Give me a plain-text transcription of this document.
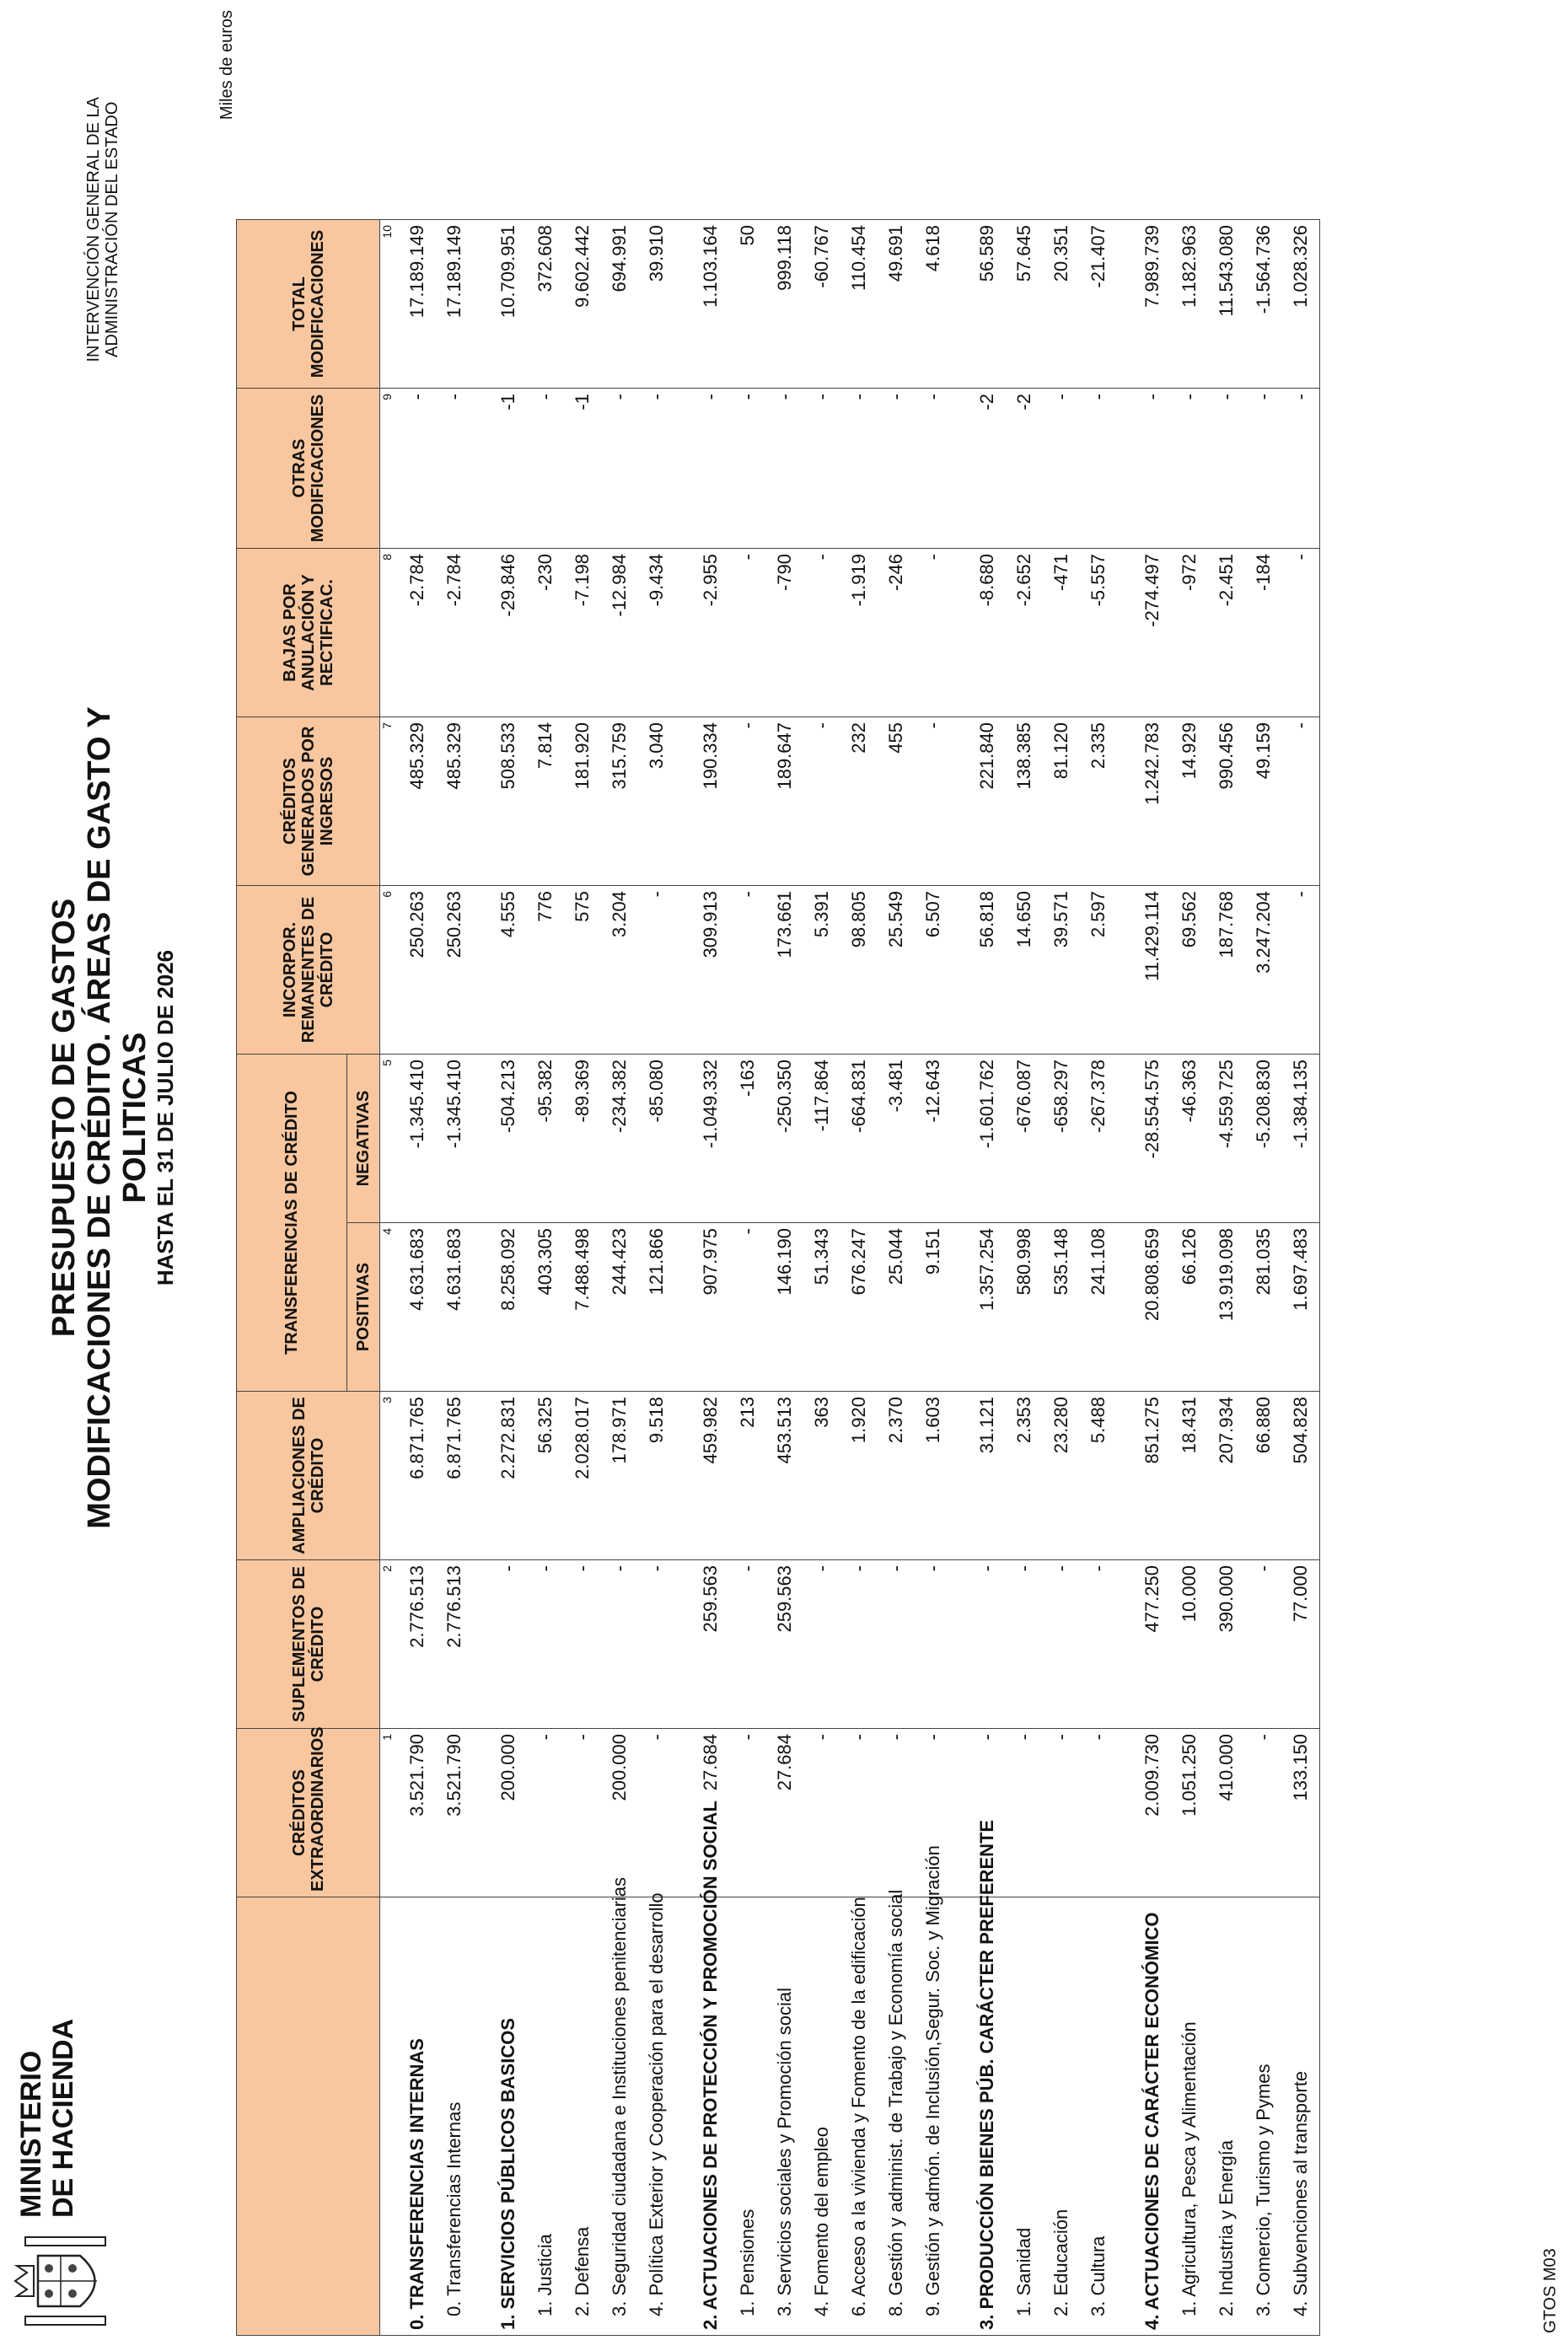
MINISTERIO DE HACIENDA
PRESUPUESTO DE GASTOS MODIFICACIONES DE CRÉDITO. ÁREAS DE GASTO Y POLITICAS HASTA EL 31 DE JULIO DE 2026
INTERVENCIÓN GENERAL DE LA ADMINISTRACIÓN DEL ESTADO
Miles de euros
	CRÉDITOS EXTRAORDINARIOS	SUPLEMENTOS DE CRÉDITO	AMPLIACIONES DE CRÉDITO	TRANSFERENCIAS DE CRÉDITO		INCORPOR. REMANENTES DE CRÉDITO	CRÉDITOS GENERADOS POR INGRESOS	BAJAS POR ANULACIÓN Y RECTIFICAC.	OTRAS MODIFICACIONES	TOTAL MODIFICACIONES
				POSITIVAS	NEGATIVAS					
	1	2	3	4	5	6	7	8	9	10
0. TRANSFERENCIAS INTERNAS	3.521.790	2.776.513	6.871.765	4.631.683	-1.345.410	250.263	485.329	-2.784	-	17.189.149
0. Transferencias Internas	3.521.790	2.776.513	6.871.765	4.631.683	-1.345.410	250.263	485.329	-2.784	-	17.189.149

1. SERVICIOS PÚBLICOS BASICOS	200.000	-	2.272.831	8.258.092	-504.213	4.555	508.533	-29.846	-1	10.709.951
1. Justicia	-	-	56.325	403.305	-95.382	776	7.814	-230	-	372.608
2. Defensa	-	-	2.028.017	7.488.498	-89.369	575	181.920	-7.198	-1	9.602.442
3. Seguridad ciudadana e Instituciones penitenciarias	200.000	-	178.971	244.423	-234.382	3.204	315.759	-12.984	-	694.991
4. Política Exterior y Cooperación para el desarrollo	-	-	9.518	121.866	-85.080	-	3.040	-9.434	-	39.910

2. ACTUACIONES DE PROTECCIÓN Y PROMOCIÓN SOCIAL	27.684	259.563	459.982	907.975	-1.049.332	309.913	190.334	-2.955	-	1.103.164
1. Pensiones	-	-	213	-	-163	-	-	-	-	50
3. Servicios sociales y Promoción social	27.684	259.563	453.513	146.190	-250.350	173.661	189.647	-790	-	999.118
4. Fomento del empleo	-	-	363	51.343	-117.864	5.391	-	-	-	-60.767
6. Acceso a la vivienda y Fomento de la edificación	-	-	1.920	676.247	-664.831	98.805	232	-1.919	-	110.454
8. Gestión y administ. de Trabajo y Economía social	-	-	2.370	25.044	-3.481	25.549	455	-246	-	49.691
9. Gestión y admón. de Inclusión,Segur. Soc. y Migración	-	-	1.603	9.151	-12.643	6.507	-	-	-	4.618

3. PRODUCCIÓN BIENES PÚB. CARÁCTER PREFERENTE	-	-	31.121	1.357.254	-1.601.762	56.818	221.840	-8.680	-2	56.589
1. Sanidad	-	-	2.353	580.998	-676.087	14.650	138.385	-2.652	-2	57.645
2. Educación	-	-	23.280	535.148	-658.297	39.571	81.120	-471	-	20.351
3. Cultura	-	-	5.488	241.108	-267.378	2.597	2.335	-5.557	-	-21.407

4. ACTUACIONES DE CARÁCTER ECONÓMICO	2.009.730	477.250	851.275	20.808.659	-28.554.575	11.429.114	1.242.783	-274.497	-	7.989.739
1. Agricultura, Pesca y Alimentación	1.051.250	10.000	18.431	66.126	-46.363	69.562	14.929	-972	-	1.182.963
2. Industria y Energía	410.000	390.000	207.934	13.919.098	-4.559.725	187.768	990.456	-2.451	-	11.543.080
3. Comercio, Turismo y Pymes	-	-	66.880	281.035	-5.208.830	3.247.204	49.159	-184	-	-1.564.736
4. Subvenciones al transporte	133.150	77.000	504.828	1.697.483	-1.384.135	-	-	-	-	1.028.326
GTOS M03
